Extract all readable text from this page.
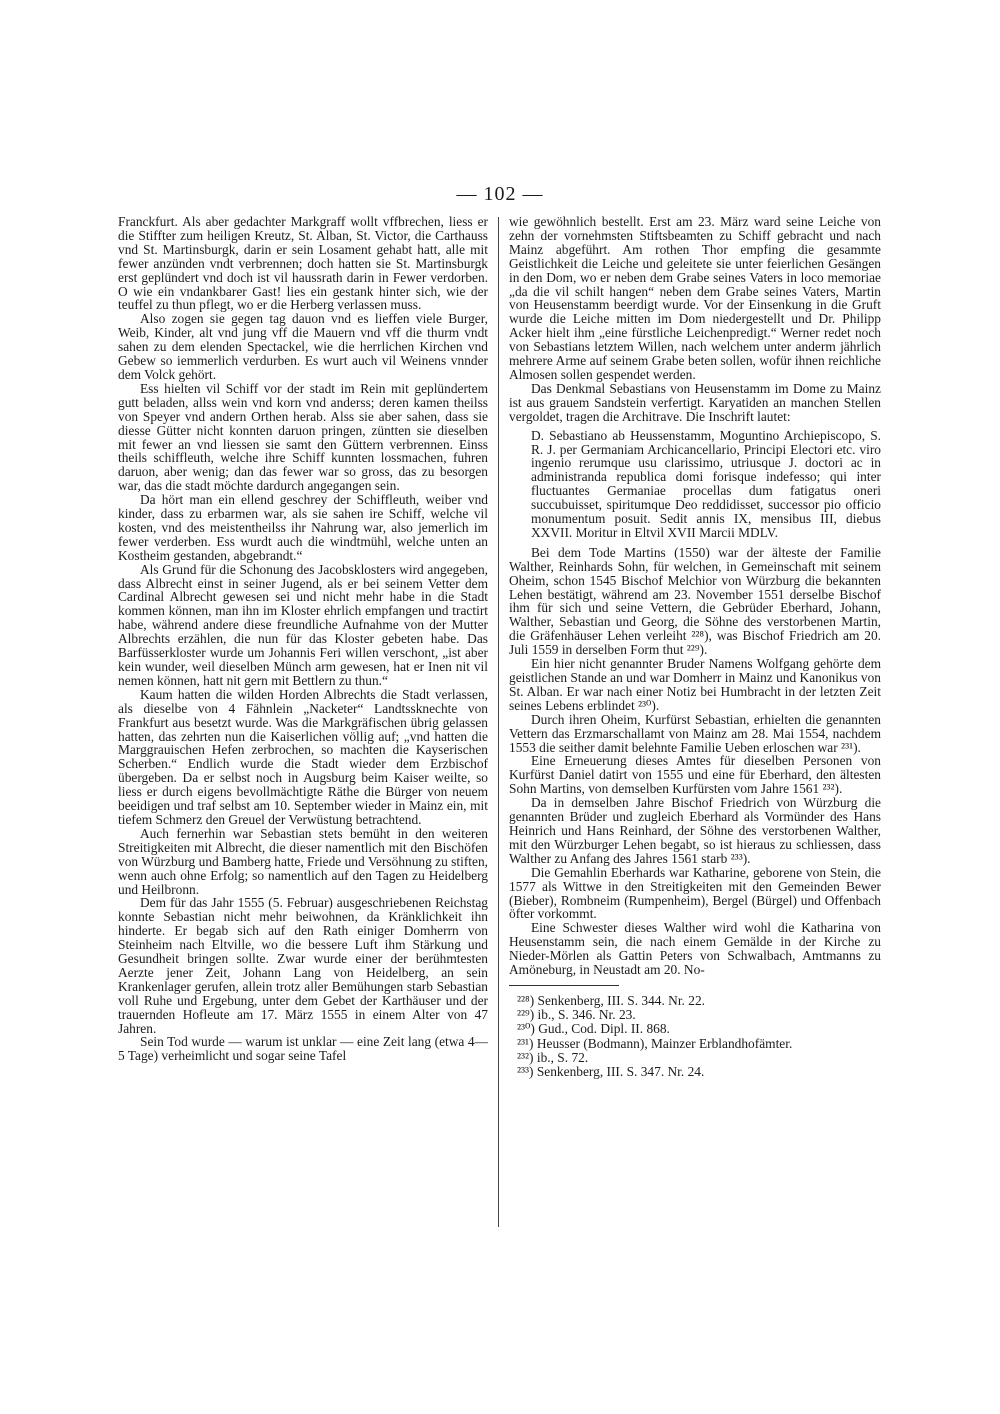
— 102 —

Franckfurt. Als aber gedachter Markgraff wollt vffbrechen, liess er die Stiffter zum heiligen Kreutz, St. Alban, St. Victor, die Carthauss vnd St. Martinsburgk, darin er sein Losament gehabt hatt, alle mit fewer anzünden vndt verbrennen; doch hatten sie St. Martinsburgk erst geplündert vnd doch ist vil haussrath darin in Fewer verdorben. O wie ein vndankbarer Gast! lies ein gestank hinter sich, wie der teuffel zu thun pflegt, wo er die Herberg verlassen muss.

Also zogen sie gegen tag dauon vnd es lieffen viele Burger, Weib, Kinder, alt vnd jung vff die Mauern vnd vff die thurm vndt sahen zu dem elenden Spectackel, wie die herrlichen Kirchen vnd Gebew so iemmerlich verdurben. Es wurt auch vil Weinens vnnder dem Volck gehört.

Ess hielten vil Schiff vor der stadt im Rein mit geplündertem gutt beladen, allss wein vnd korn vnd anderss; deren kamen theilss von Speyer vnd andern Orthen herab. Alss sie aber sahen, dass sie diesse Gütter nicht konnten daruon pringen, zünttеn sie dieselben mit fewer an vnd liessen sie samt den Güttern verbrennen. Einss theils schiffleuth, welche ihre Schiff kunnten lossmachen, fuhren daruon, aber wenig; dan das fewer war so gross, das zu besorgen war, das die stadt möchte dardurch angegangen sein.

Da hört man ein ellend geschrey der Schiffleuth, weiber vnd kinder, dass zu erbarmen war, als sie sahen ire Schiff, welche vil kosten, vnd des meistentheilss ihr Nahrung war, also jemerlich im fewer verderben. Ess wurdt auch die windtmühl, welche unten an Kostheim gestanden, abgebrandt.“

Als Grund für die Schonung des Jacobsklosters wird angegeben, dass Albrecht einst in seiner Jugend, als er bei seinem Vetter dem Cardinal Albrecht gewesen sei und nicht mehr habe in die Stadt kommen können, man ihn im Kloster ehrlich empfangen und tractirt habe, während andere diese freundliche Aufnahme von der Mutter Albrechts erzählen, die nun für das Kloster gebeten habe. Das Barfüsserkloster wurde um Johannis Feri willen verschont, „ist aber kein wunder, weil dieselben Münch arm gewesen, hat er Inen nit vil nemen können, hatt nit gern mit Bettlern zu thun.“

Kaum hatten die wilden Horden Albrechts die Stadt verlassen, als dieselbe von 4 Fähnlein „Nacketer“ Landtssknechte von Frankfurt aus besetzt wurde. Was die Markgräfischen übrig gelassen hatten, das zehrten nun die Kaiserlichen völlig auf; „vnd hatten die Marggrauischen Hefen zerbrochen, so machten die Kayserischen Scherben.“ Endlich wurde die Stadt wieder dem Erzbischof übergeben. Da er selbst noch in Augsburg beim Kaiser weilte, so liess er durch eigens bevollmächtigte Räthe die Bürger von neuem beeidigen und traf selbst am 10. September wieder in Mainz ein, mit tiefem Schmerz den Greuel der Verwüstung betrachtend.

Auch fernerhin war Sebastian stets bemüht in den weiteren Streitigkeiten mit Albrecht, die dieser namentlich mit den Bischöfen von Würzburg und Bamberg hatte, Friede und Versöhnung zu stiften, wenn auch ohne Erfolg; so namentlich auf den Tagen zu Heidelberg und Heilbronn.

Dem für das Jahr 1555 (5. Februar) ausgeschriebenen Reichstag konnte Sebastian nicht mehr beiwohnen, da Kränklichkeit ihn hinderte. Er begab sich auf den Rath einiger Domherrn von Steinheim nach Eltville, wo die bessere Luft ihm Stärkung und Gesundheit bringen sollte. Zwar wurde einer der berühmtesten Aerzte jener Zeit, Johann Lang von Heidelberg, an sein Krankenlager gerufen, allein trotz aller Bemühungen starb Sebastian voll Ruhe und Ergebung, unter dem Gebet der Karthäuser und der trauernden Hofleute am 17. März 1555 in einem Alter von 47 Jahren.

Sein Tod wurde — warum ist unklar — eine Zeit lang (etwa 4—5 Tage) verheimlicht und sogar seine Tafel

wie gewöhnlich bestellt. Erst am 23. März ward seine Leiche von zehn der vornehmsten Stiftsbeamten zu Schiff gebracht und nach Mainz abgeführt. Am rothen Thor empfing die gesammte Geistlichkeit die Leiche und geleitete sie unter feierlichen Gesängen in den Dom, wo er neben dem Grabe seines Vaters in loco memoriae „da die vil schilt hangen“ neben dem Grabe seines Vaters, Martin von Heusenstamm beerdigt wurde. Vor der Einsenkung in die Gruft wurde die Leiche mitten im Dom niedergestellt und Dr. Philipp Acker hielt ihm „eine fürstliche Leichenpredigt.“ Werner redet noch von Sebastians letztem Willen, nach welchem unter anderm jährlich mehrere Arme auf seinem Grabe beten sollen, wofür ihnen reichliche Almosen sollen gespendet werden.

Das Denkmal Sebastians von Heusenstamm im Dome zu Mainz ist aus grauem Sandstein verfertigt. Karyatiden an manchen Stellen vergoldet, tragen die Architrave. Die Inschrift lautet:

D. Sebastiano ab Heussenstamm, Moguntino Archiepiscopo, S. R. J. per Germaniam Archicancellario, Principi Electori etc. viro ingenio rerumque usu clarissimo, utriusque J. doctori ac in administranda republica domi forisque indefesso; qui inter fluctuantes Germaniae procellas dum fatigatus oneri succubuisset, spiritumque Deo reddidisset, successor pio officio monumentum posuit. Sedit annis IX, mensibus III, diebus XXVII. Moritur in Eltvil XVII Marcii MDLV.

Bei dem Tode Martins (1550) war der älteste der Familie Walther, Reinhards Sohn, für welchen, in Gemeinschaft mit seinem Oheim, schon 1545 Bischof Melchior von Würzburg die bekannten Lehen bestätigt, während am 23. November 1551 derselbe Bischof ihm für sich und seine Vettern, die Gebrüder Eberhard, Johann, Walther, Sebastian und Georg, die Söhne des verstorbenen Martin, die Gräfenhäuser Lehen verleiht ²²⁸), was Bischof Friedrich am 20. Juli 1559 in derselben Form thut ²²⁹).

Ein hier nicht genannter Bruder Namens Wolfgang gehörte dem geistlichen Stande an und war Domherr in Mainz und Kanonikus von St. Alban. Er war nach einer Notiz bei Humbracht in der letzten Zeit seines Lebens erblindet ²³⁰).

Durch ihren Oheim, Kurfürst Sebastian, erhielten die genannten Vettern das Erzmarschallamt von Mainz am 28. Mai 1554, nachdem 1553 die seither damit belehnte Familie Ueben erloschen war ²³¹).

Eine Erneuerung dieses Amtes für dieselben Personen von Kurfürst Daniel datirt von 1555 und eine für Eberhard, den ältesten Sohn Martins, von demselben Kurfürsten vom Jahre 1561 ²³²).

Da in demselben Jahre Bischof Friedrich von Würzburg die genannten Brüder und zugleich Eberhard als Vormünder des Hans Heinrich und Hans Reinhard, der Söhne des verstorbenen Walther, mit den Würzburger Lehen begabt, so ist hieraus zu schliessen, dass Walther zu Anfang des Jahres 1561 starb ²³³).

Die Gemahlin Eberhards war Katharine, geborene von Stein, die 1577 als Wittwe in den Streitigkeiten mit den Gemeinden Bewer (Bieber), Rombneim (Rumpenheim), Bergel (Bürgel) und Offenbach öfter vorkommt.

Eine Schwester dieses Walther wird wohl die Katharina von Heusenstamm sein, die nach einem Gemälde in der Kirche zu Nieder-Mörlen als Gattin Peters von Schwalbach, Amtmanns zu Amöneburg, in Neustadt am 20. No-

²²⁸) Senkenberg, III. S. 344. Nr. 22.

²²⁹) ib., S. 346. Nr. 23.

²³⁰) Gud., Cod. Dipl. II. 868.

²³¹) Heusser (Bodmann), Mainzer Erblandhofämter.

²³²) ib., S. 72.

²³³) Senkenberg, III. S. 347. Nr. 24.
